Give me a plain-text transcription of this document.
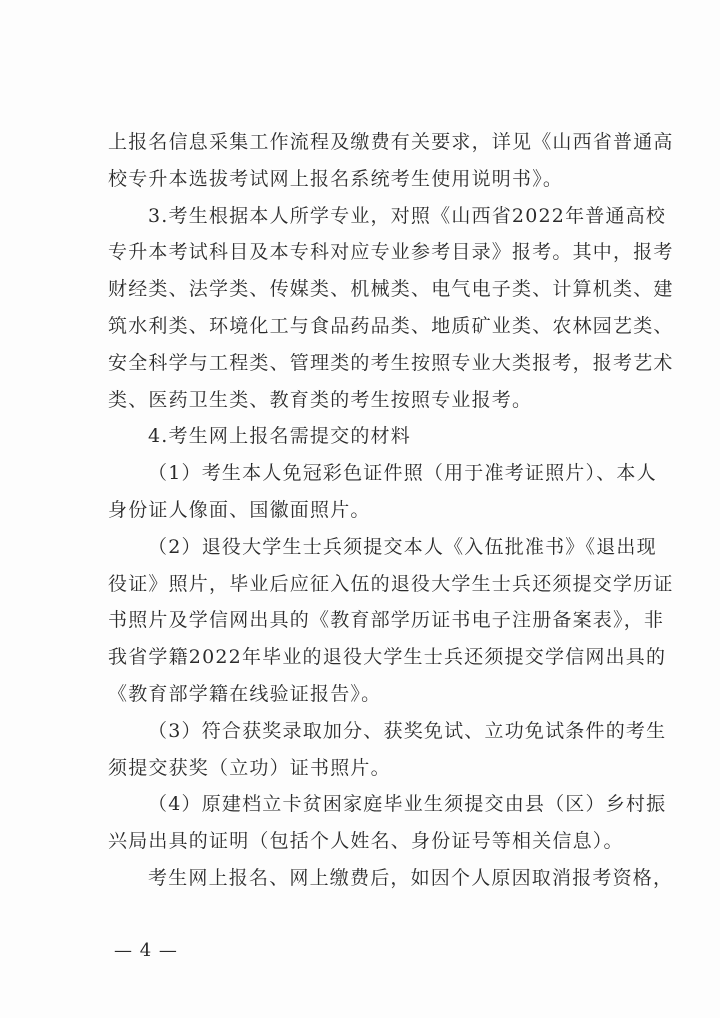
上报名信息采集工作流程及缴费有关要求，详见《山西省普通高
校专升本选拔考试网上报名系统考生使用说明书》。
3.考生根据本人所学专业，对照《山西省2022年普通高校
专升本考试科目及本专科对应专业参考目录》报考。其中，报考
财经类、法学类、传媒类、机械类、电气电子类、计算机类、建
筑水利类、环境化工与食品药品类、地质矿业类、农林园艺类、
安全科学与工程类、管理类的考生按照专业大类报考，报考艺术
类、医药卫生类、教育类的考生按照专业报考。
4.考生网上报名需提交的材料
（1）考生本人免冠彩色证件照（用于准考证照片）、本人
身份证人像面、国徽面照片。
（2）退役大学生士兵须提交本人《入伍批准书》《退出现
役证》照片，毕业后应征入伍的退役大学生士兵还须提交学历证
书照片及学信网出具的《教育部学历证书电子注册备案表》，非
我省学籍2022年毕业的退役大学生士兵还须提交学信网出具的
《教育部学籍在线验证报告》。
（3）符合获奖录取加分、获奖免试、立功免试条件的考生
须提交获奖（立功）证书照片。
（4）原建档立卡贫困家庭毕业生须提交由县（区）乡村振
兴局出具的证明（包括个人姓名、身份证号等相关信息）。
考生网上报名、网上缴费后，如因个人原因取消报考资格，
— 4 —
